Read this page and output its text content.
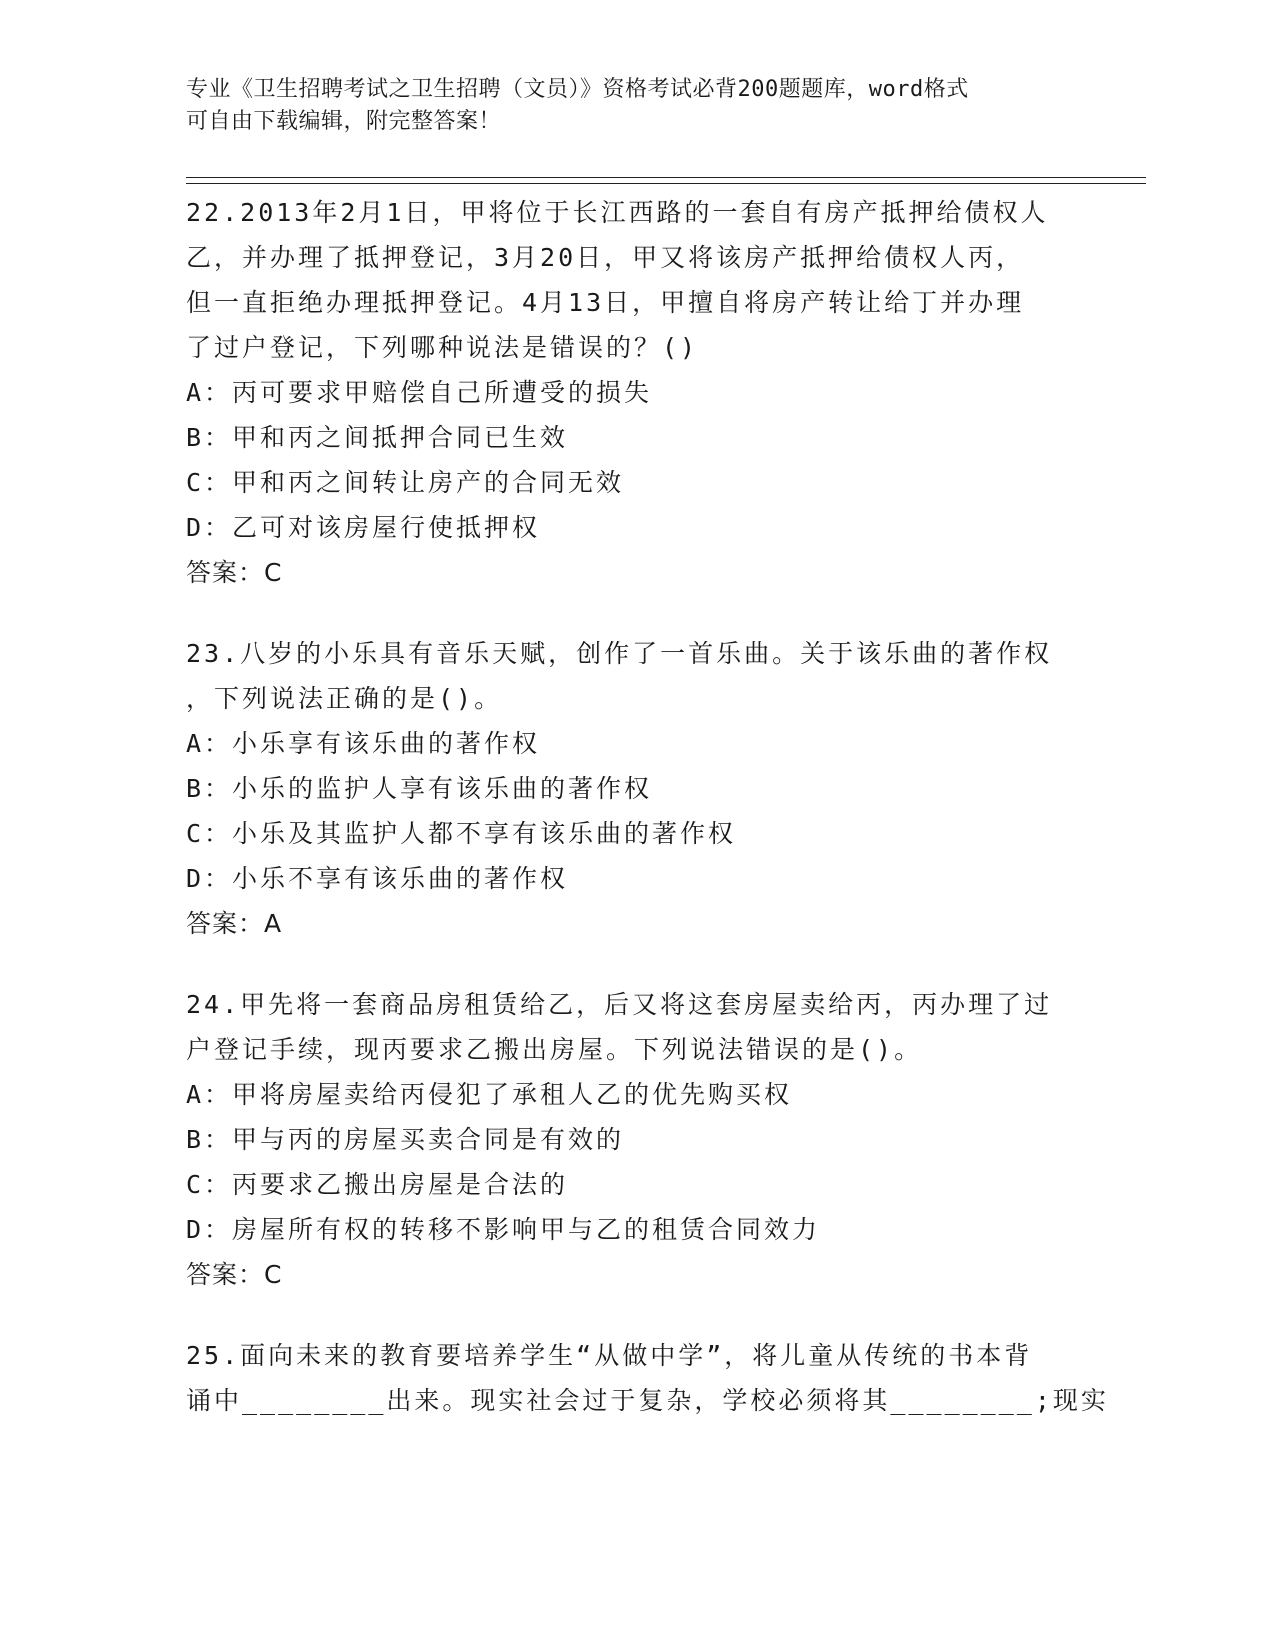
专业《卫生招聘考试之卫生招聘（文员）》资格考试必背200题题库，word格式
可自由下载编辑，附完整答案！
22.2013年2月1日，甲将位于长江西路的一套自有房产抵押给债权人
乙，并办理了抵押登记，3月20日，甲又将该房产抵押给债权人丙，
但一直拒绝办理抵押登记。4月13日，甲擅自将房产转让给丁并办理
了过户登记，下列哪种说法是错误的？()
A：丙可要求甲赔偿自己所遭受的损失
B：甲和丙之间抵押合同已生效
C：甲和丙之间转让房产的合同无效
D：乙可对该房屋行使抵押权
答案：C
23.八岁的小乐具有音乐天赋，创作了一首乐曲。关于该乐曲的著作权
，下列说法正确的是()。
A：小乐享有该乐曲的著作权
B：小乐的监护人享有该乐曲的著作权
C：小乐及其监护人都不享有该乐曲的著作权
D：小乐不享有该乐曲的著作权
答案：A
24.甲先将一套商品房租赁给乙，后又将这套房屋卖给丙，丙办理了过
户登记手续，现丙要求乙搬出房屋。下列说法错误的是()。
A：甲将房屋卖给丙侵犯了承租人乙的优先购买权
B：甲与丙的房屋买卖合同是有效的
C：丙要求乙搬出房屋是合法的
D：房屋所有权的转移不影响甲与乙的租赁合同效力
答案：C
25.面向未来的教育要培养学生“从做中学”，将儿童从传统的书本背
诵中________出来。现实社会过于复杂，学校必须将其________;现实
